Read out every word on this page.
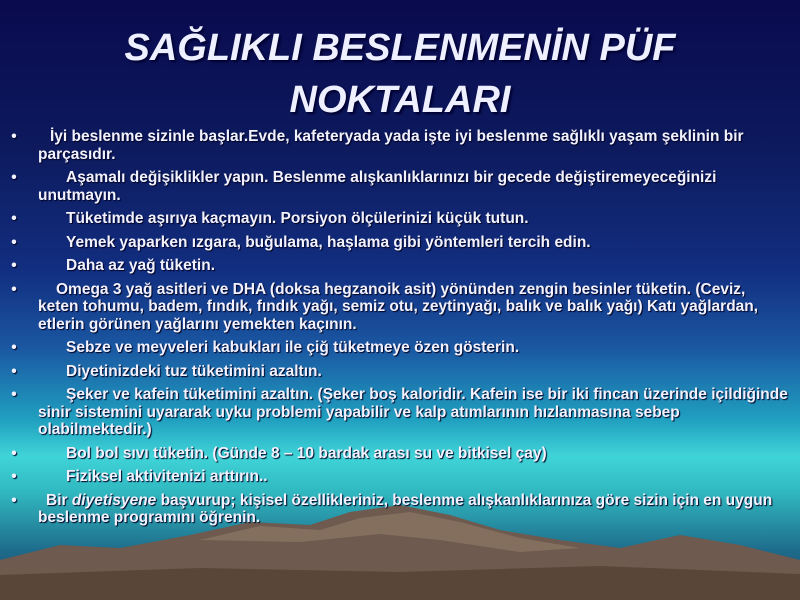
SAĞLIKLI BESLENMENİN PÜF
NOKTALARI
• İyi beslenme sizinle başlar.Evde, kafeteryada yada işte iyi beslenme sağlıklı yaşam şeklinin bir parçasıdır.
•	Aşamalı değişiklikler yapın. Beslenme alışkanlıklarınızı bir gecede değiştiremeyeceğinizi unutmayın.
•	Tüketimde aşırıya kaçmayın. Porsiyon ölçülerinizi küçük tutun.
•	Yemek yaparken ızgara, buğulama, haşlama gibi yöntemleri tercih edin.
•	Daha az yağ tüketin.
•	Omega 3 yağ asitleri ve DHA (doksa hegzanoik asit) yönünden zengin besinler tüketin. (Ceviz, keten tohumu, badem, fındık, fındık yağı, semiz otu, zeytinyağı, balık ve balık yağı) Katı yağlardan, etlerin görünen yağlarını yemekten kaçının.
•	Sebze ve meyveleri kabukları ile çiğ tüketmeye özen gösterin.
•	Diyetinizdeki tuz tüketimini azaltın.
•	Şeker ve kafein tüketimini azaltın. (Şeker boş kaloridir. Kafein ise bir iki fincan üzerinde içildiğinde sinir sistemini uyararak uyku problemi yapabilir ve kalp atımlarının hızlanmasına sebep olabilmektedir.)
•	Bol bol sıvı tüketin. (Günde 8 – 10 bardak arası su ve bitkisel çay)
•	Fiziksel aktivitenizi arttırın..
• Bir diyetisyene başvurup; kişisel özellikleriniz, beslenme alışkanlıklarınıza göre sizin için en uygun beslenme programını öğrenin.
